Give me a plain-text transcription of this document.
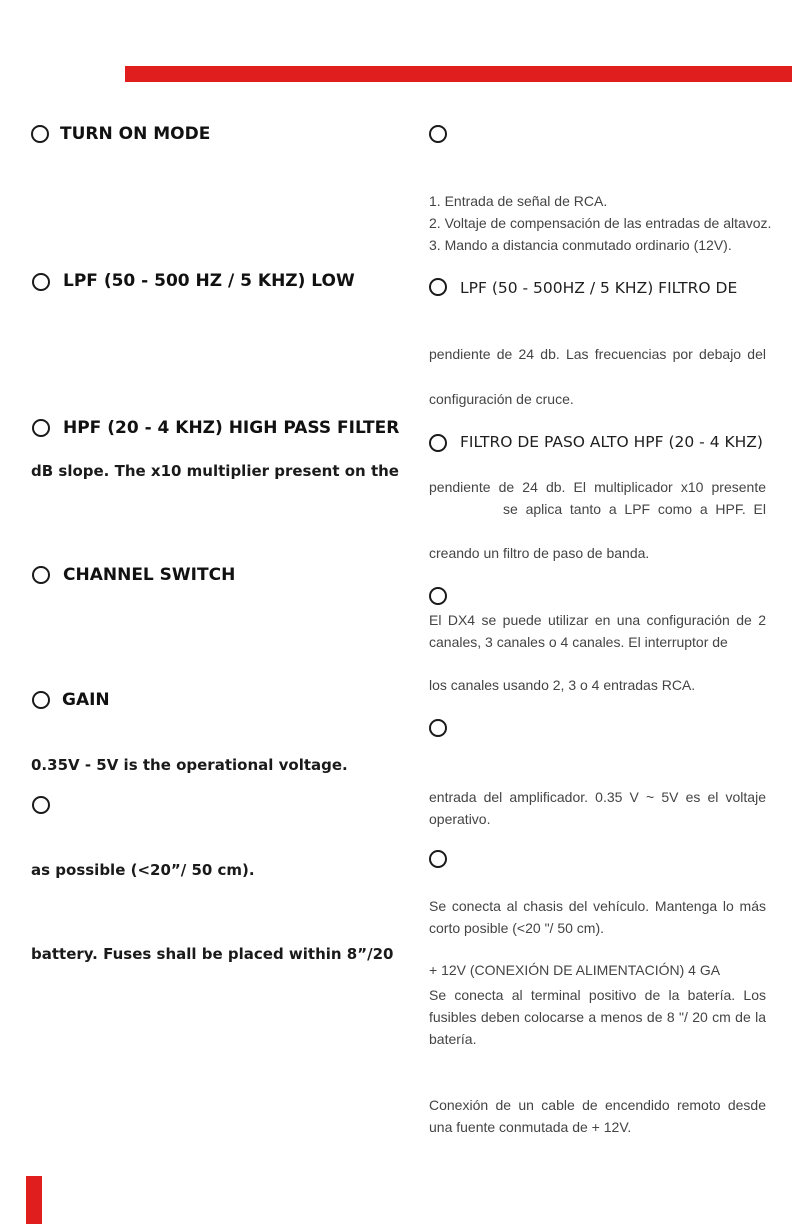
TURN ON MODE
LPF (50 - 500 HZ / 5 KHZ) LOW
HPF (20 - 4 KHZ) HIGH PASS FILTER
dB slope. The x10 multiplier present on the
CHANNEL SWITCH
GAIN
0.35V - 5V is the operational voltage.
as possible (<20”/ 50 cm).
battery. Fuses shall be placed within 8”/20
1. Entrada de señal de RCA.
2. Voltaje de compensación de las entradas de altavoz.
3. Mando a distancia conmutado ordinario (12V).
LPF (50 - 500HZ / 5 KHZ) FILTRO DE
pendiente de 24 db. Las frecuencias por debajo del
configuración de cruce.
FILTRO DE PASO ALTO HPF (20 - 4 KHZ)
pendiente de 24 db. El multiplicador x10 presente
se aplica tanto a LPF como a HPF. El
creando un filtro de paso de banda.
El DX4 se puede utilizar en una configuración de 2 canales, 3 canales o 4 canales. El interruptor de
los canales usando 2, 3 o 4 entradas RCA.
entrada del amplificador. 0.35 V ~ 5V es el voltaje operativo.
Se conecta al chasis del vehículo. Mantenga lo más corto posible (<20 "/ 50 cm).
+ 12V (CONEXIÓN DE ALIMENTACIÓN) 4 GA
Se conecta al terminal positivo de la batería. Los fusibles deben colocarse a menos de 8 "/ 20 cm de la batería.
Conexión de un cable de encendido remoto desde una fuente conmutada de + 12V.
